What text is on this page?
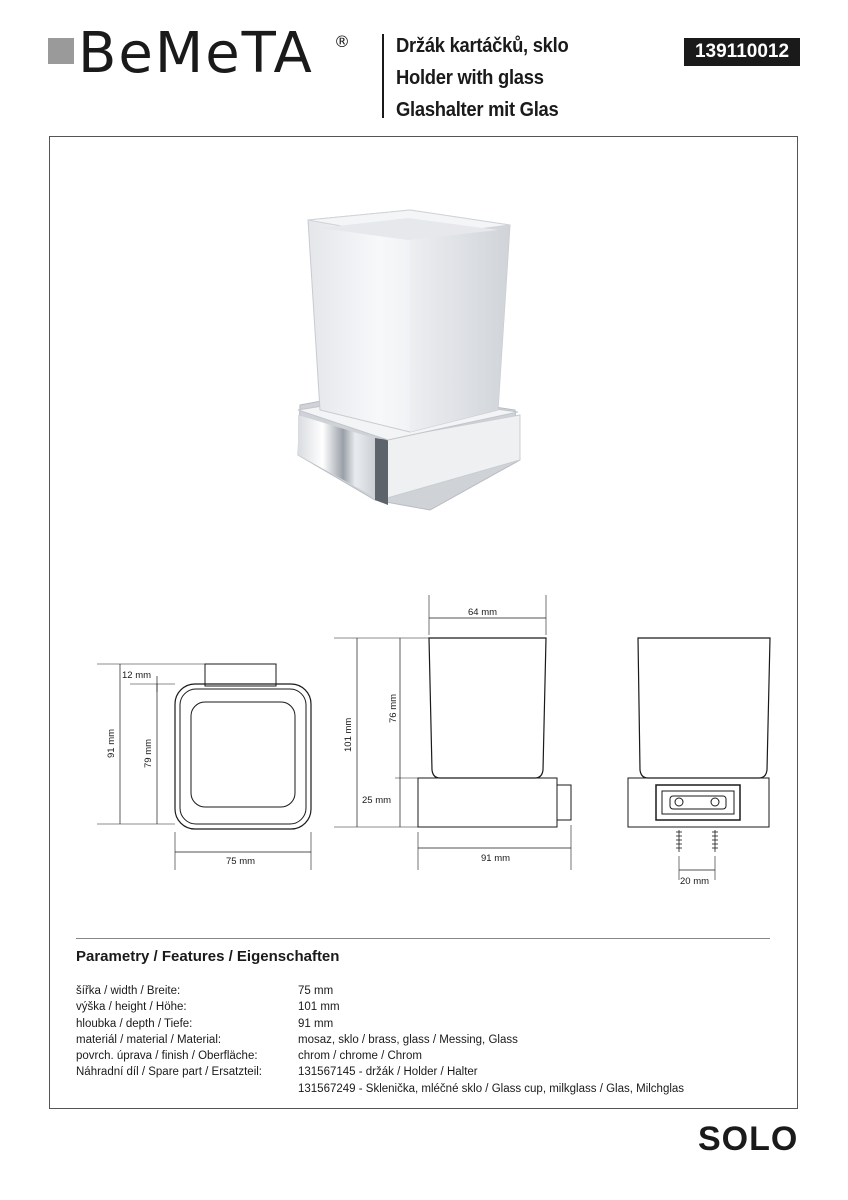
BeMeTA ® Držák kartáčků, sklo
Holder with glass
Glashalter mit Glas
139110012
12 mm
91 mm	79 mm
75 mm
64 mm
101 mm
76 mm
25 mm
91 mm
20 mm
Parametry / Features / Eigenschaften
šířka / width / Breite:	75 mm
výška / height / Höhe:	101 mm
hloubka / depth / Tiefe:	91 mm
materiál / material / Material:	mosaz, sklo / brass, glass / Messing, Glass
povrch. úprava / finish / Oberfläche:	chrom / chrome / Chrom
Náhradní díl / Spare part / Ersatzteil:	131567145 - držák / Holder / Halter
131567249 - Sklenička, mléčné sklo / Glass cup, milkglass / Glas, Milchglas
SOLO
